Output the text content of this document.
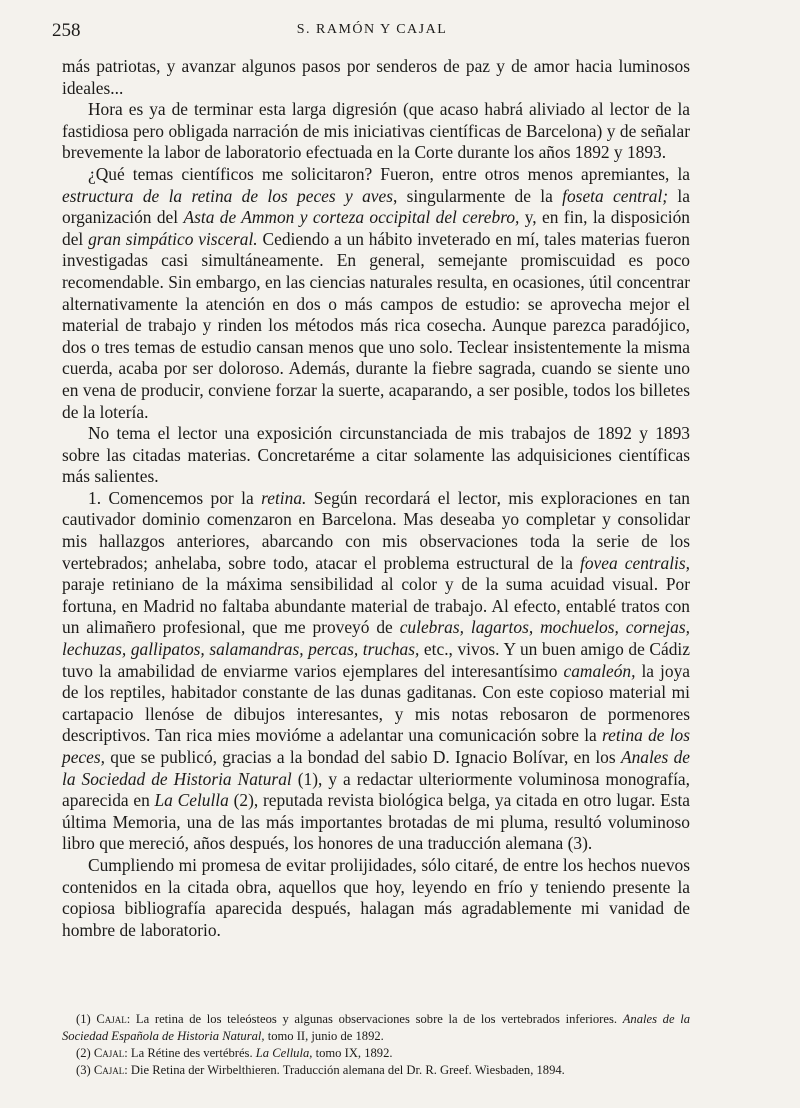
258	S. RAMÓN Y CAJAL

más patriotas, y avanzar algunos pasos por senderos de paz y de amor hacia luminosos ideales...

Hora es ya de terminar esta larga digresión (que acaso habrá aliviado al lector de la fastidiosa pero obligada narración de mis iniciativas científicas de Barcelona) y de señalar brevemente la labor de laboratorio efectuada en la Corte durante los años 1892 y 1893.

¿Qué temas científicos me solicitaron? Fueron, entre otros menos apremiantes, la estructura de la retina de los peces y aves, singularmente de la foseta central; la organización del Asta de Ammon y corteza occipital del cerebro, y, en fin, la disposición del gran simpático visceral. Cediendo a un hábito inveterado en mí, tales materias fueron investigadas casi simultáneamente. En general, semejante promiscuidad es poco recomendable. Sin embargo, en las ciencias naturales resulta, en ocasiones, útil concentrar alternativamente la atención en dos o más campos de estudio: se aprovecha mejor el material de trabajo y rinden los métodos más rica cosecha. Aunque parezca paradójico, dos o tres temas de estudio cansan menos que uno solo. Teclear insistentemente la misma cuerda, acaba por ser doloroso. Además, durante la fiebre sagrada, cuando se siente uno en vena de producir, conviene forzar la suerte, acaparando, a ser posible, todos los billetes de la lotería.

No tema el lector una exposición circunstanciada de mis trabajos de 1892 y 1893 sobre las citadas materias. Concretaréme a citar solamente las adquisiciones científicas más salientes.

1. Comencemos por la retina. Según recordará el lector, mis exploraciones en tan cautivador dominio comenzaron en Barcelona. Mas deseaba yo completar y consolidar mis hallazgos anteriores, abarcando con mis observaciones toda la serie de los vertebrados; anhelaba, sobre todo, atacar el problema estructural de la fovea centralis, paraje retiniano de la máxima sensibilidad al color y de la suma acuidad visual. Por fortuna, en Madrid no faltaba abundante material de trabajo. Al efecto, entablé tratos con un alimañero profesional, que me proveyó de culebras, lagartos, mochuelos, cornejas, lechuzas, gallipatos, salamandras, percas, truchas, etc., vivos. Y un buen amigo de Cádiz tuvo la amabilidad de enviarme varios ejemplares del interesantísimo camaleón, la joya de los reptiles, habitador constante de las dunas gaditanas. Con este copioso material mi cartapacio llenóse de dibujos interesantes, y mis notas rebosaron de pormenores descriptivos. Tan rica mies movióme a adelantar una comunicación sobre la retina de los peces, que se publicó, gracias a la bondad del sabio D. Ignacio Bolívar, en los Anales de la Sociedad de Historia Natural (1), y a redactar ulteriormente voluminosa monografía, aparecida en La Celulla (2), reputada revista biológica belga, ya citada en otro lugar. Esta última Memoria, una de las más importantes brotadas de mi pluma, resultó voluminoso libro que mereció, años después, los honores de una traducción alemana (3).

Cumpliendo mi promesa de evitar prolijidades, sólo citaré, de entre los hechos nuevos contenidos en la citada obra, aquellos que hoy, leyendo en frío y teniendo presente la copiosa bibliografía aparecida después, halagan más agradablemente mi vanidad de hombre de laboratorio.

(1) Cajal: La retina de los teleósteos y algunas observaciones sobre la de los vertebrados inferiores. Anales de la Sociedad Española de Historia Natural, tomo II, junio de 1892.

(2) Cajal: La Rétine des vertébrés. La Cellula, tomo IX, 1892.

(3) Cajal: Die Retina der Wirbelthieren. Traducción alemana del Dr. R. Greef. Wiesbaden, 1894.
